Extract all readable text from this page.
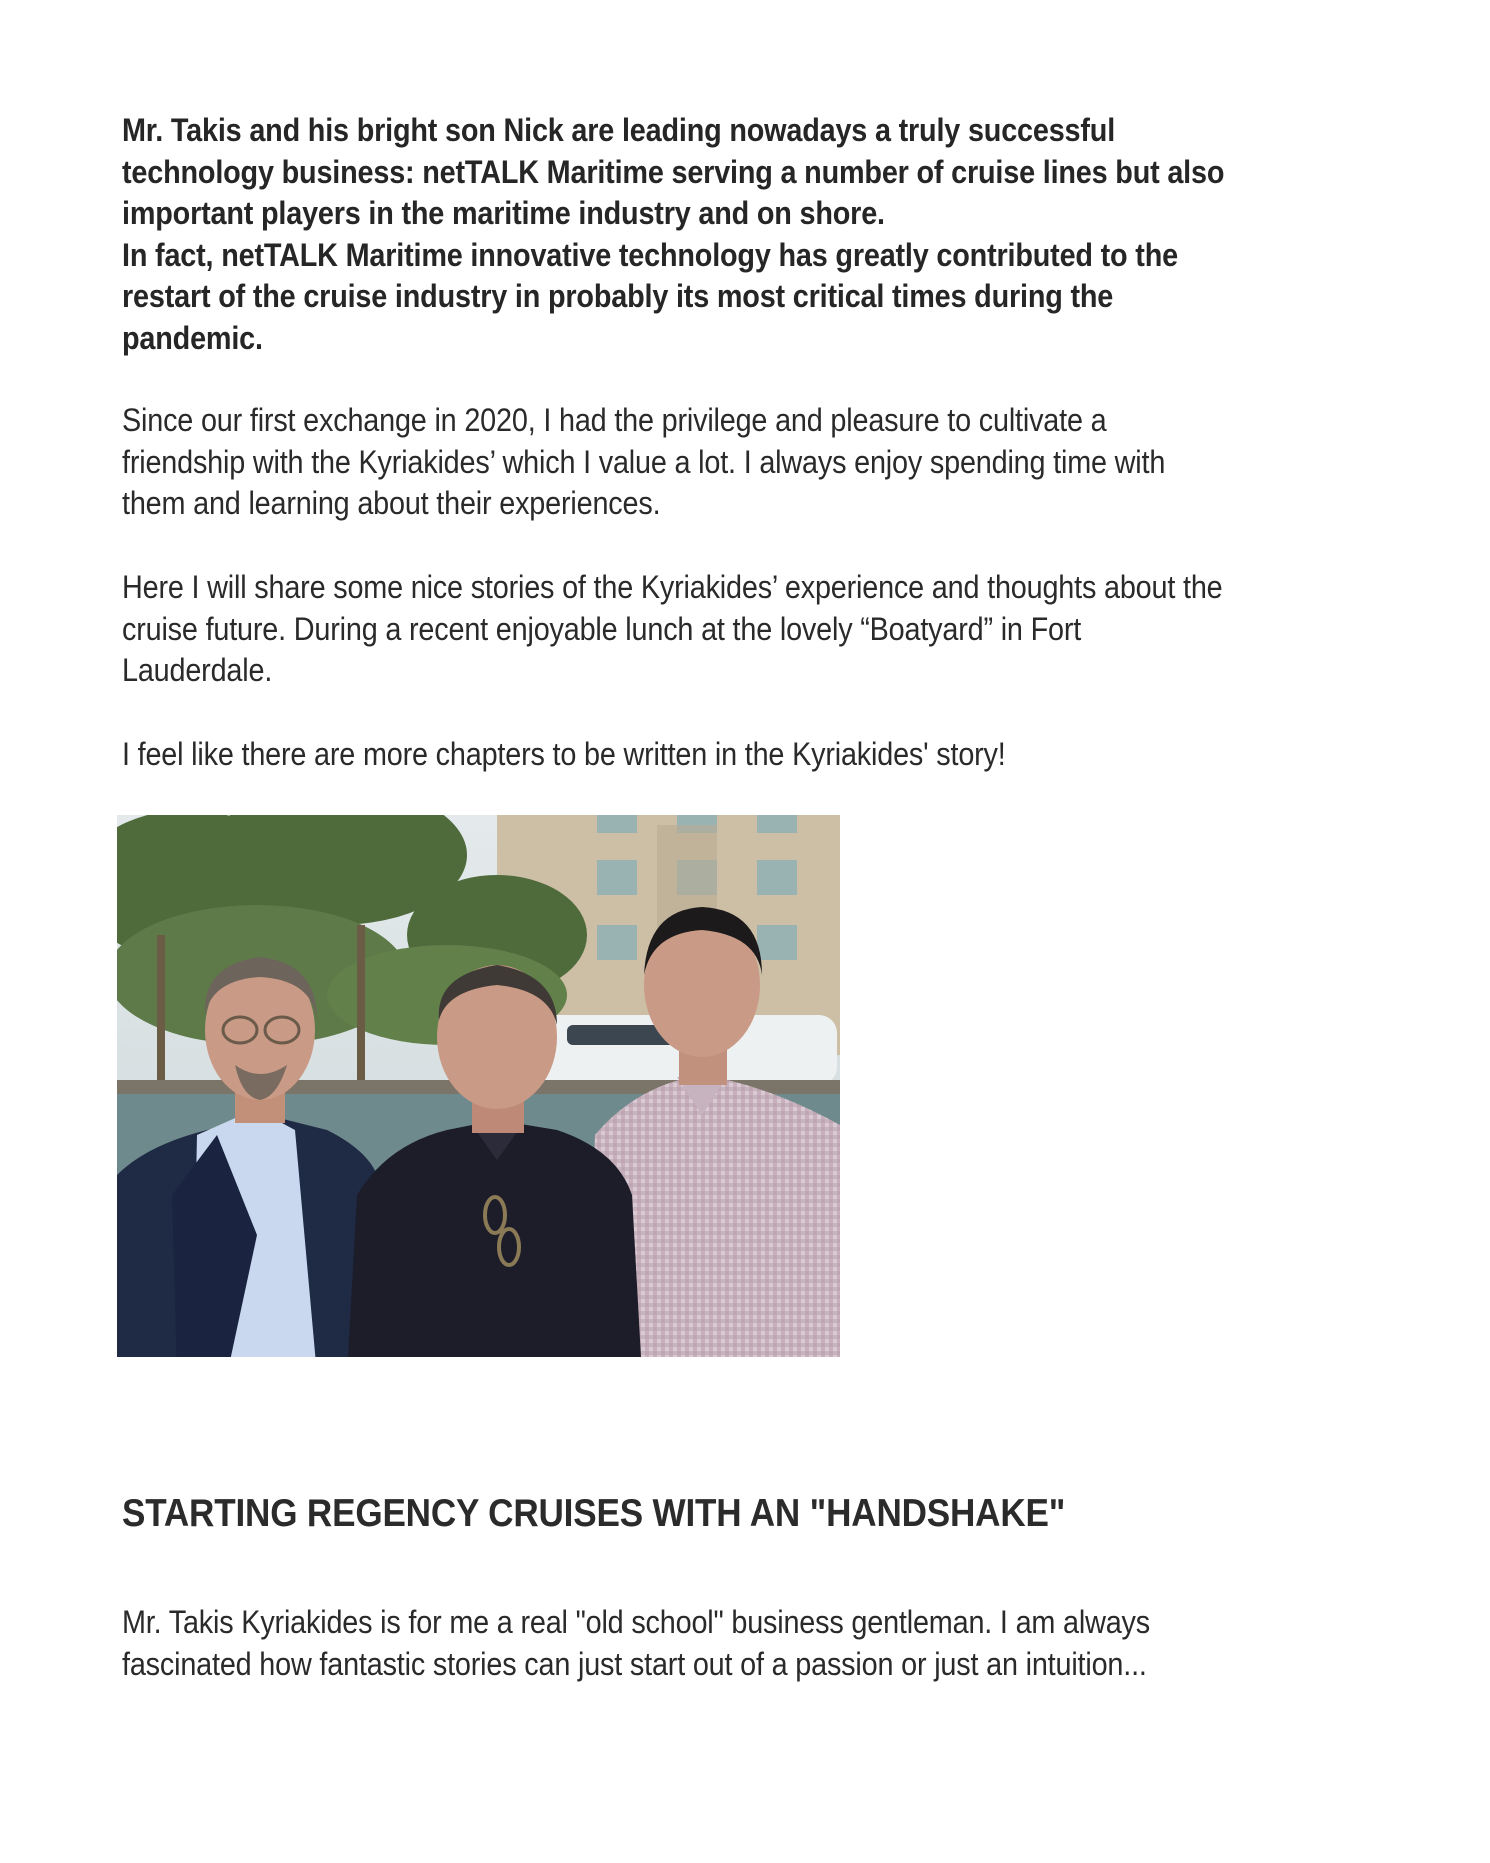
Mr. Takis and his bright son Nick are leading nowadays a truly successful
technology business: netTALK Maritime serving a number of cruise lines but also
important players in the maritime industry and on shore.
In fact, netTALK Maritime innovative technology has greatly contributed to the
restart of the cruise industry in probably its most critical times during the
pandemic.
Since our first exchange in 2020, I had the privilege and pleasure to cultivate a
friendship with the Kyriakides’ which I value a lot. I always enjoy spending time with
them and learning about their experiences.
Here I will share some nice stories of the Kyriakides’ experience and thoughts about the
cruise future. During a recent enjoyable lunch at the lovely “Boatyard” in Fort
Lauderdale.
I feel like there are more chapters to be written in the Kyriakides' story!
STARTING REGENCY CRUISES WITH AN "HANDSHAKE"
Mr. Takis Kyriakides is for me a real "old school" business gentleman. I am always
fascinated how fantastic stories can just start out of a passion or just an intuition...
